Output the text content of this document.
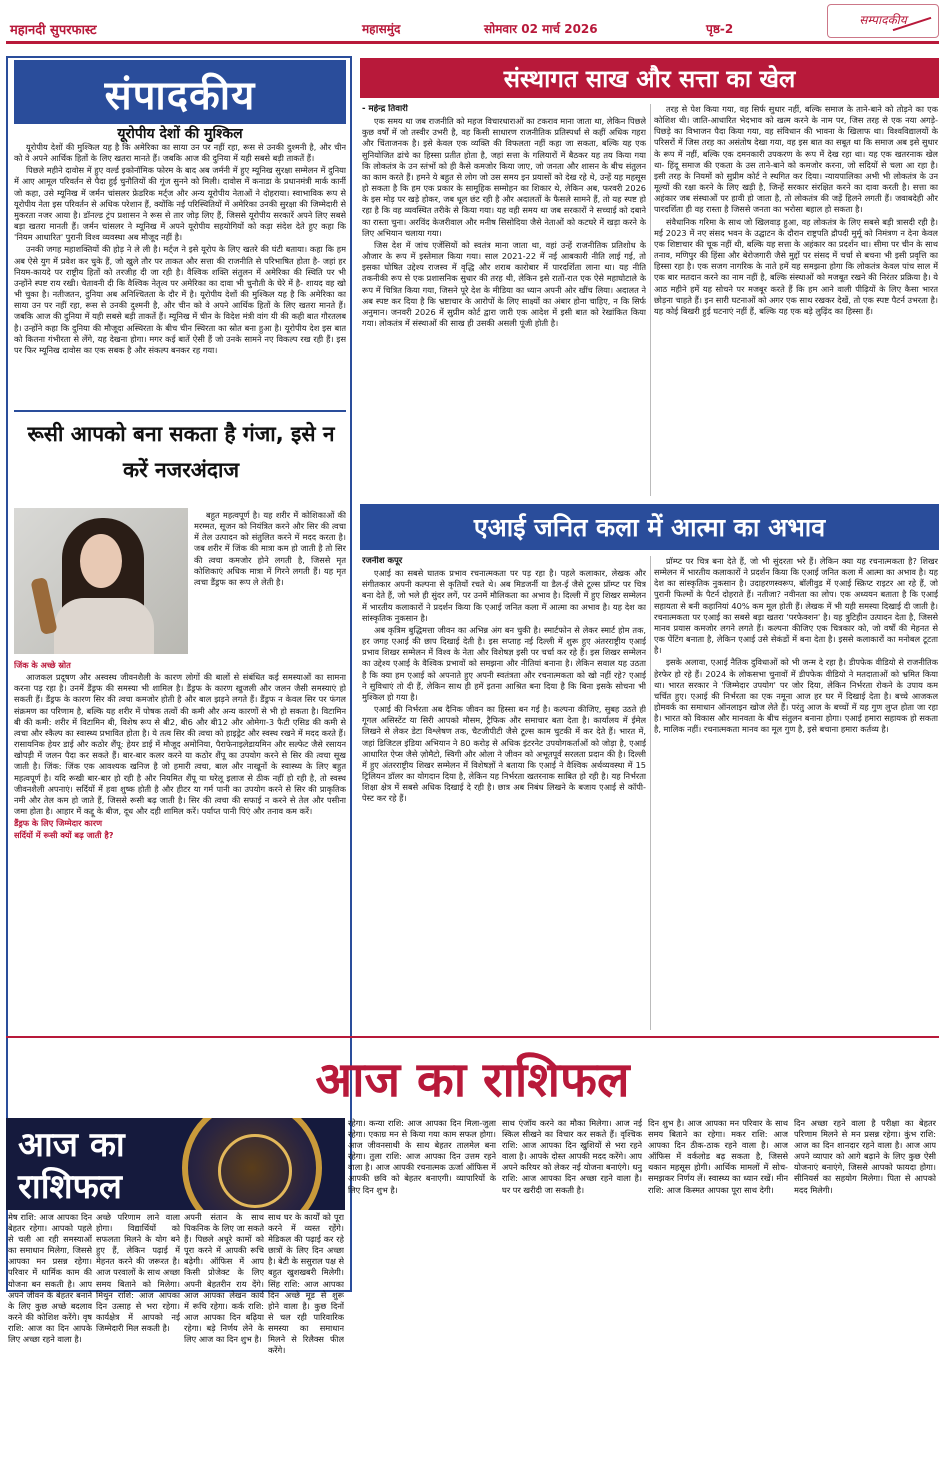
महानदी सुपरफास्ट	महासमुंद	सोमवार 02 मार्च 2026	पृष्ठ-2
सम्पादकीय
संपादकीय
यूरोपीय देशों की मुश्किल

यूरोपीय देशों की मुश्किल यह है कि अमेरिका का साया उन पर नहीं रहा, रूस से उनकी दुश्मनी है, और चीन को वे अपने आर्थिक हितों के लिए खतरा मानते हैं। जबकि आज की दुनिया में यही सबसे बड़ी ताकतें हैं।

पिछले महीने दावोस में हुए वर्ल्ड इकोनॉमिक फोरम के बाद अब जर्मनी में हुए म्यूनिख सुरक्षा सम्मेलन में दुनिया में आए आमूल परिवर्तन से पैदा हुई चुनौतियों की गूंज सुनने को मिली। दावोस में कनाडा के प्रधानमंत्री मार्क कार्नी जो कहा, उसे म्यूनिख में जर्मन चांसलर फ्रेडरिक मर्ट्ज और अन्य यूरोपीय नेताओं ने दोहराया। स्वाभाविक रूप से यूरोपीय नेता इस परिवर्तन से अधिक परेशान हैं, क्योंकि नई परिस्थितियों में अमेरिका उनकी सुरक्षा की जिम्मेदारी से मुकरता नजर आया है। डॉनल्ड ट्रंप प्रशासन ने रूस से तार जोड़ लिए हैं, जिससे यूरोपीय सरकारें अपने लिए सबसे बड़ा खतरा मानती हैं। जर्मन चांसलर ने म्यूनिख में अपने यूरोपीय सहयोगियों को कड़ा संदेश देते हुए कहा कि 'नियम आधारित' पुरानी विश्व व्यवस्था अब मौजूद नहीं है।

उनकी जगह महाशक्तियों की होड़ ने ले ली है। मर्ट्ज ने इसे यूरोप के लिए खतरे की घंटी बताया। कहा कि हम अब ऐसे युग में प्रवेश कर चुके हैं, जो खुले तौर पर ताकत और सत्ता की राजनीति से परिभाषित होता है- जहां हर नियम-कायदे पर राष्ट्रीय हितों को तरजीह दी जा रही है। वैश्विक शक्ति संतुलन में अमेरिका की स्थिति पर भी उन्होंने स्पष्ट राय रखी। चेतावनी दी कि वैश्विक नेतृत्व पर अमेरिका का दावा भी चुनौती के घेरे में है- शायद वह खो भी चुका है। नतीजतन, दुनिया अब अनिश्चितता के दौर में है। यूरोपीय देशों की मुश्किल यह है कि अमेरिका का साया उन पर नहीं रहा, रूस से उनकी दुश्मनी है, और चीन को वे अपने आर्थिक हितों के लिए खतरा मानते हैं। जबकि आज की दुनिया में यही सबसे बड़ी ताकतें हैं। म्यूनिख में चीन के विदेश मंत्री वांग यी की कही बात गौरतलब है। उन्होंने कहा कि दुनिया की मौजूदा अस्थिरता के बीच चीन स्थिरता का स्रोत बना हुआ है। यूरोपीय देश इस बात को कितना गंभीरता से लेंगे, यह देखना होगा। मगर कई बातें ऐसी हैं जो उनके सामने नए विकल्प रख रही हैं। इस पर फिर म्यूनिख दावोस का एक सबक है और संकल्प बनकर रह गया।

रूसी आपको बना सकता है गंजा, इसे न करें नजरअंदाज

बहुत महत्वपूर्ण है। यह शरीर में कोशिकाओं की मरम्मत, सूजन को नियंत्रित करने और सिर की त्वचा में तेल उत्पादन को संतुलित करने में मदद करता है। जब शरीर में जिंक की मात्रा कम हो जाती है तो सिर की त्वचा कमजोर होने लगती है, जिससे मृत कोशिकाएं अधिक मात्रा में गिरने लगती हैं। यह मृत त्वचा डैंड्रफ का रूप ले लेती है।

जिंक के अच्छे स्रोत

आजकल प्रदूषण और अस्वस्थ जीवनशैली के कारण लोगों की बालों से संबंधित कई समस्याओं का सामना करना पड़ रहा है। उनमें डैंड्रफ की समस्या भी शामिल है। डैंड्रफ के कारण खुजली और जलन जैसी समस्याएं हो सकती हैं। डैंड्रफ के कारण सिर की त्वचा कमजोर होती है और बाल झड़ने लगते हैं। डैंड्रफ न केवल सिर पर फंगल संक्रमण का परिणाम है, बल्कि यह शरीर में पोषक तत्वों की कमी और अन्य कारणों से भी हो सकता है। विटामिन बी की कमी: शरीर में विटामिन बी, विशेष रूप से बी2, बी6 और बी12 और ओमेगा-3 फैटी एसिड की कमी से त्वचा और स्कैल्प का स्वास्थ्य प्रभावित होता है। ये तत्व सिर की त्वचा को हाइड्रेट और स्वस्थ रखने में मदद करते हैं। रासायनिक हेयर डाई और कठोर शैंपू: हेयर डाई में मौजूद अमोनिया, पैराफेनाइलेडायमिन और सल्फेट जैसे रसायन खोपड़ी में जलन पैदा कर सकते हैं। बार-बार कलर करने या कठोर शैंपू का उपयोग करने से सिर की त्वचा सूख जाती है। जिंक: जिंक एक आवश्यक खनिज है जो हमारी त्वचा, बाल और नाखूनों के स्वास्थ्य के लिए बहुत महत्वपूर्ण है। यदि रूखी बार-बार हो रही है और नियमित शैंपू या घरेलू इलाज से ठीक नहीं हो रही है, तो स्वस्थ जीवनशैली अपनाएं। सर्दियों में हवा शुष्क होती है और हीटर या गर्म पानी का उपयोग करने से सिर की प्राकृतिक नमी और तेल कम हो जाते हैं, जिससे रूसी बढ़ जाती है। सिर की त्वचा की सफाई न करने से तेल और पसीना जमा होता है। आहार में कद्दू के बीज, दूध और दही शामिल करें। पर्याप्त पानी पिएं और तनाव कम करें।

डैंड्रफ के लिए जिम्मेदार कारण

सर्दियों में रूसी क्यों बढ़ जाती है?

संस्थागत साख और सत्ता का खेल

- महेन्द्र तिवारी

एक समय था जब राजनीति को महज विचारधाराओं का टकराव माना जाता था, लेकिन पिछले कुछ वर्षों में जो तस्वीर उभरी है, वह किसी साधारण राजनीतिक प्रतिस्पर्धा से कहीं अधिक गहरा और चिंताजनक है। इसे केवल एक व्यक्ति की विफलता नहीं कहा जा सकता, बल्कि यह एक सुनियोजित ढांचे का हिस्सा प्रतीत होता है, जहां सत्ता के गलियारों में बैठकर यह तय किया गया कि लोकतंत्र के उन स्तंभों को ही कैसे कमजोर किया जाए, जो जनता और शासन के बीच संतुलन का काम करते हैं। हमने ये बहुत से लोग जो उस समय इन प्रयासों को देख रहे थे, उन्हें यह महसूस हो सकता है कि हम एक प्रकार के सामूहिक सम्मोहन का शिकार थे, लेकिन अब, फरवरी 2026 के इस मोड़ पर खड़े होकर, जब धूल छंट रही है और अदालतों के फैसले सामने हैं, तो यह स्पष्ट हो रहा है कि वह व्यवस्थित तरीके से किया गया। यह वही समय था जब सरकारों ने सच्चाई को दबाने का रास्ता चुना। अरविंद केजरीवाल और मनीष सिसोदिया जैसे नेताओं को कटघरे में खड़ा करने के लिए अभियान चलाया गया।

जिस देश में जांच एजेंसियों को स्वतंत्र माना जाता था, वहां उन्हें राजनीतिक प्रतिशोध के औजार के रूप में इस्तेमाल किया गया। साल 2021-22 में नई आबकारी नीति लाई गई, तो इसका घोषित उद्देश्य राजस्व में वृद्धि और शराब कारोबार में पारदर्शिता लाना था। यह नीति तकनीकी रूप से एक प्रशासनिक सुधार की तरह थी, लेकिन इसे रातों-रात एक ऐसे महाघोटाले के रूप में चित्रित किया गया, जिसने पूरे देश के मीडिया का ध्यान अपनी ओर खींच लिया। अदालत ने अब स्पष्ट कर दिया है कि भ्रष्टाचार के आरोपों के लिए साक्ष्यों का अंबार होना चाहिए, न कि सिर्फ अनुमान। जनवरी 2026 में सुप्रीम कोर्ट द्वारा जारी एक आदेश में इसी बात को रेखांकित किया गया। लोकतंत्र में संस्थाओं की साख ही उसकी असली पूंजी होती है।

तरह से पेश किया गया, वह सिर्फ सुधार नहीं, बल्कि समाज के ताने-बाने को तोड़ने का एक कोशिश थी। जाति-आधारित भेदभाव को खत्म करने के नाम पर, जिस तरह से एक नया अगड़े-पिछड़े का विभाजन पैदा किया गया, वह संविधान की भावना के खिलाफ था। विश्वविद्यालयों के परिसरों में जिस तरह का असंतोष देखा गया, वह इस बात का सबूत था कि समाज अब इसे सुधार के रूप में नहीं, बल्कि एक दमनकारी उपकरण के रूप में देख रहा था। यह एक खतरनाक खेल था- हिंदू समाज की एकता के उस ताने-बाने को कमजोर करना, जो सदियों से चला आ रहा है। इसी तरह के नियमों को सुप्रीम कोर्ट ने स्थगित कर दिया। न्यायपालिका अभी भी लोकतंत्र के उन मूल्यों की रक्षा करने के लिए खड़ी है, जिन्हें सरकार संरक्षित करने का दावा करती है। सत्ता का अहंकार जब संस्थाओं पर हावी हो जाता है, तो लोकतंत्र की जड़ें हिलने लगती हैं। जवाबदेही और पारदर्शिता ही वह रास्ता है जिससे जनता का भरोसा बहाल हो सकता है।

संवैधानिक गरिमा के साथ जो खिलवाड़ हुआ, वह लोकतंत्र के लिए सबसे बड़ी त्रासदी रही है। मई 2023 में नए संसद भवन के उद्घाटन के दौरान राष्ट्रपति द्रौपदी मुर्मू को निमंत्रण न देना केवल एक शिष्टाचार की चूक नहीं थी, बल्कि यह सत्ता के अहंकार का प्रदर्शन था। सीमा पर चीन के साथ तनाव, मणिपुर की हिंसा और बेरोजगारी जैसे मुद्दों पर संसद में चर्चा से बचना भी इसी प्रवृत्ति का हिस्सा रहा है। एक सजग नागरिक के नाते हमें यह समझना होगा कि लोकतंत्र केवल पांच साल में एक बार मतदान करने का नाम नहीं है, बल्कि संस्थाओं को मजबूत रखने की निरंतर प्रक्रिया है। ये आठ महीने हमें यह सोचने पर मजबूर करते हैं कि हम आने वाली पीढ़ियों के लिए कैसा भारत छोड़ना चाहते हैं। इन सारी घटनाओं को अगर एक साथ रखकर देखें, तो एक स्पष्ट पैटर्न उभरता है। यह कोई बिखरी हुई घटनाएं नहीं हैं, बल्कि यह एक बड़े लुढ़िंद का हिस्सा हैं।

एआई जनित कला में आत्मा का अभाव

रजनीश कपूर

एआई का सबसे घातक प्रभाव रचनात्मकता पर पड़ रहा है। पहले कलाकार, लेखक और संगीतकार अपनी कल्पना से कृतियों रचते थे। अब मिडजर्नी या डैल-ई जैसे टूल्स प्रॉम्प्ट पर चित्र बना देते हैं, जो भले ही सुंदर लगें, पर उनमें मौलिकता का अभाव है। दिल्ली में हुए शिखर सम्मेलन में भारतीय कलाकारों ने प्रदर्शन किया कि एआई जनित कला में आत्मा का अभाव है। यह देश का सांस्कृतिक नुकसान है।

अब कृत्रिम बुद्धिमत्ता जीवन का अभिन्न अंग बन चुकी है। स्मार्टफोन से लेकर स्मार्ट होम तक, हर जगह एआई की छाप दिखाई देती है। इस सप्ताह नई दिल्ली में शुरू हुए अंतरराष्ट्रीय एआई प्रभाव शिखर सम्मेलन में विश्व के नेता और विशेषज्ञ इसी पर चर्चा कर रहे हैं। इस शिखर सम्मेलन का उद्देश्य एआई के वैश्विक प्रभावों को समझना और नीतियां बनाना है। लेकिन सवाल यह उठता है कि क्या हम एआई को अपनाते हुए अपनी स्वतंत्रता और रचनात्मकता को खो नहीं रहे? एआई ने सुविधाएं तो दी हैं, लेकिन साथ ही हमें इतना आश्रित बना दिया है कि बिना इसके सोचना भी मुश्किल हो गया है।

एआई की निर्भरता अब दैनिक जीवन का हिस्सा बन गई है। कल्पना कीजिए, सुबह उठते ही गूगल असिस्टेंट या सिरी आपको मौसम, ट्रैफिक और समाचार बता देता है। कार्यालय में ईमेल लिखने से लेकर डेटा विश्लेषण तक, चैटजीपीटी जैसे टूल्स काम चुटकी में कर देते हैं। भारत में, जहां डिजिटल इंडिया अभियान ने 80 करोड़ से अधिक इंटरनेट उपयोगकर्ताओं को जोड़ा है, एआई आधारित ऐप्स जैसे ज़ोमैटो, स्विगी और ओला ने जीवन को अभूतपूर्व सरलता प्रदान की है। दिल्ली में हुए अंतरराष्ट्रीय शिखर सम्मेलन में विशेषज्ञों ने बताया कि एआई ने वैश्विक अर्थव्यवस्था में 15 ट्रिलियन डॉलर का योगदान दिया है, लेकिन यह निर्भरता खतरनाक साबित हो रही है। यह निर्भरता शिक्षा क्षेत्र में सबसे अधिक दिखाई दे रही है। छात्र अब निबंध लिखने के बजाय एआई से कॉपी-पेस्ट कर रहे हैं।

प्रॉम्प्ट पर चित्र बना देते हैं, जो भी सुंदरता भरे हैं। लेकिन क्या यह रचनात्मकता है? शिखर सम्मेलन में भारतीय कलाकारों ने प्रदर्शन किया कि एआई जनित कला में आत्मा का अभाव है। यह देश का सांस्कृतिक नुकसान है। उदाहरणस्वरूप, बॉलीवुड में एआई स्क्रिप्ट राइटर आ रहे हैं, जो पुरानी फिल्मों के पैटर्न दोहराते हैं। नतीजा? नवीनता का लोप। एक अध्ययन बताता है कि एआई सहायता से बनी कहानियां 40% कम मूल होती हैं। लेखक में भी यही समस्या दिखाई दी जाती है। रचनात्मकता पर एआई का सबसे बड़ा खतरा 'परफेक्शन' है। यह त्रुटिहीन उत्पादन देता है, जिससे मानव प्रयास कमजोर लगने लगते हैं। कल्पना कीजिए एक चित्रकार को, जो वर्षों की मेहनत से एक पेंटिंग बनाता है, लेकिन एआई उसे सेकंडों में बना देता है। इससे कलाकारों का मनोबल टूटता है।

इसके अलावा, एआई नैतिक दुविधाओं को भी जन्म दे रहा है। डीपफेक वीडियो से राजनीतिक हेरफेर हो रहे हैं। 2024 के लोकसभा चुनावों में डीपफेक वीडियो ने मतदाताओं को भ्रमित किया था। भारत सरकार ने 'जिम्मेदार उपयोग' पर जोर दिया, लेकिन निर्भरता रोकने के उपाय कम चर्चित हुए। एआई की निर्भरता का एक नमूना आज हर घर में दिखाई देता है। बच्चे आजकल होमवर्क का समाधान ऑनलाइन खोज लेते हैं। परंतु आज के बच्चों में यह गुण लुप्त होता जा रहा है। भारत को विकास और मानवता के बीच संतुलन बनाना होगा। एआई हमारा सहायक हो सकता है, मालिक नहीं। रचनात्मकता मानव का मूल गुण है, इसे बचाना हमारा कर्तव्य है।

आज का राशिफल
आज का
राशिफल
मेष राशि: आज आपका दिन बेहतर रहेगा। आपको पहले से चली आ रही समस्याओं का समाधान मिलेगा, जिससे आपका मन प्रसन्न रहेगा। परिवार में धार्मिक काम की योजना बन सकती है। आप अपने जीवन के बेहतर बनाने के लिए कुछ अच्छे बदलाव करने की कोशिश करेंगे। वृष राशि: आज का दिन आपके लिए अच्छा रहने वाला है।
अच्छे परिणाम लाने वाला होगा। विद्यार्थियों को सफलता मिलने के योग बने हुए हैं, लेकिन पढ़ाई में मेहनत करने की जरूरत है। आज परवालों के साथ अच्छा समय बिताने को मिलेगा। मिथुन राशि: आज आपका दिन उत्साह से भरा रहेगा। कार्यक्षेत्र में आपको नई जिम्मेदारी मिल सकती है।
अपनी संतान के साथ पिकनिक के लिए जा सकते हैं। पिछले अधूरे कामों को पूरा करने में आपकी रूचि बढ़ेगी। ऑफिस में आप किसी प्रोजेक्ट के लिए अपनी बेहतरीन राय देंगे। आज आपका लेखन कार्य में रूचि रहेगा। कर्क राशि: आज आपका दिन बढ़िया रहेगा। बड़े निर्णय लेने के लिए आज का दिन शुभ है।
साथ घर के कार्यों को पूरा करने में व्यस्त रहेंगे। मेडिकल की पढ़ाई कर रहे छात्रों के लिए दिन अच्छा है। बेटी के ससुराल पक्ष से बहुत खुशखबरी मिलेगी। सिंह राशि: आज आपका दिन अच्छे मूड से शुरू होने वाला है। कुछ दिनों से चल रही पारिवारिक समस्या का समाधान मिलने से रिलैक्स फील करेंगे।
रहेगा। कन्या राशि: आज आपका दिन मिला-जुला रहेगा। एकाग्र मन से किया गया काम सफल होगा। आज जीवनसाथी के साथ बेहतर तालमेल बना रहेगा। तुला राशि: आज आपका दिन उत्तम रहने वाला है। आज आपकी रचनात्मक ऊर्जा ऑफिस में आपकी छवि को बेहतर बनाएगी। व्यापारियों के लिए दिन शुभ है।
साथ एंजॉय करने का मौका मिलेगा। आज नई स्किल सीखने का विचार कर सकते हैं। वृश्चिक राशि: आज आपका दिन खुशियों से भरा रहने वाला है। आपके दोस्त आपकी मदद करेंगे। आप अपने करियर को लेकर नई योजना बनाएंगे। धनु राशि: आज आपका दिन अच्छा रहने वाला है। घर पर खरीदी जा सकती है।
दिन शुभ है। आज आपका मन परिवार के साथ समय बिताने का रहेगा। मकर राशि: आज आपका दिन ठीक-ठाक रहने वाला है। आज ऑफिस में वर्कलोड बढ़ सकता है, जिससे थकान महसूस होगी। आर्थिक मामलों में सोच-समझकर निर्णय लें। स्वास्थ्य का ध्यान रखें। मीन राशि: आज किस्मत आपका पूरा साथ देगी।
दिन अच्छा रहने वाला है परीक्षा का बेहतर परिणाम मिलने से मन प्रसन्न रहेगा। कुंभ राशि: आज का दिन शानदार रहने वाला है। आज आप अपने व्यापार को आगे बढ़ाने के लिए कुछ ऐसी योजनाएं बनाएंगे, जिससे आपको फायदा होगा। सीनियर्स का सहयोग मिलेगा। पिता से आपको मदद मिलेगी।
